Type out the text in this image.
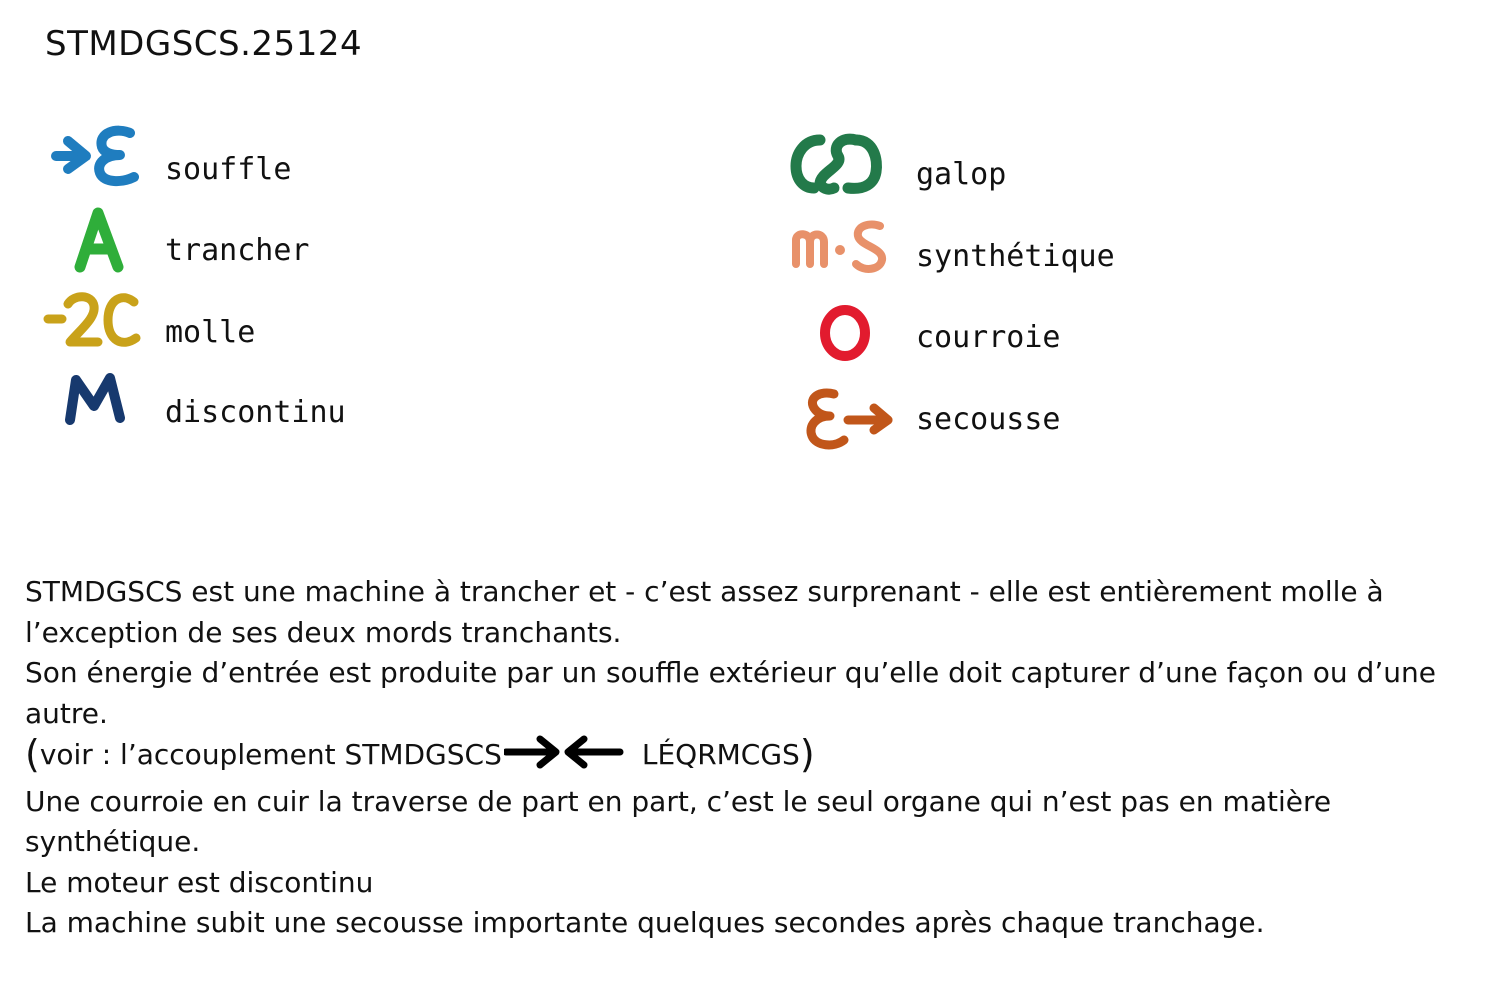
STMDGSCS.25124
souffle
trancher
molle
discontinu
galop
synthétique
courroie
secousse
STMDGSCS est une machine à trancher et - c’est assez surprenant - elle est entièrement molle à
l’exception de ses deux mords tranchants.
Son énergie d’entrée est produite par un souffle extérieur qu’elle doit capturer d’une façon ou d’une
autre.
(voir : l’accouplement STMDGSCS	LÉQRMCGS)
Une courroie en cuir la traverse de part en part, c’est le seul organe qui n’est pas en matière
synthétique.
Le moteur est discontinu
La machine subit une secousse importante quelques secondes après chaque tranchage.
